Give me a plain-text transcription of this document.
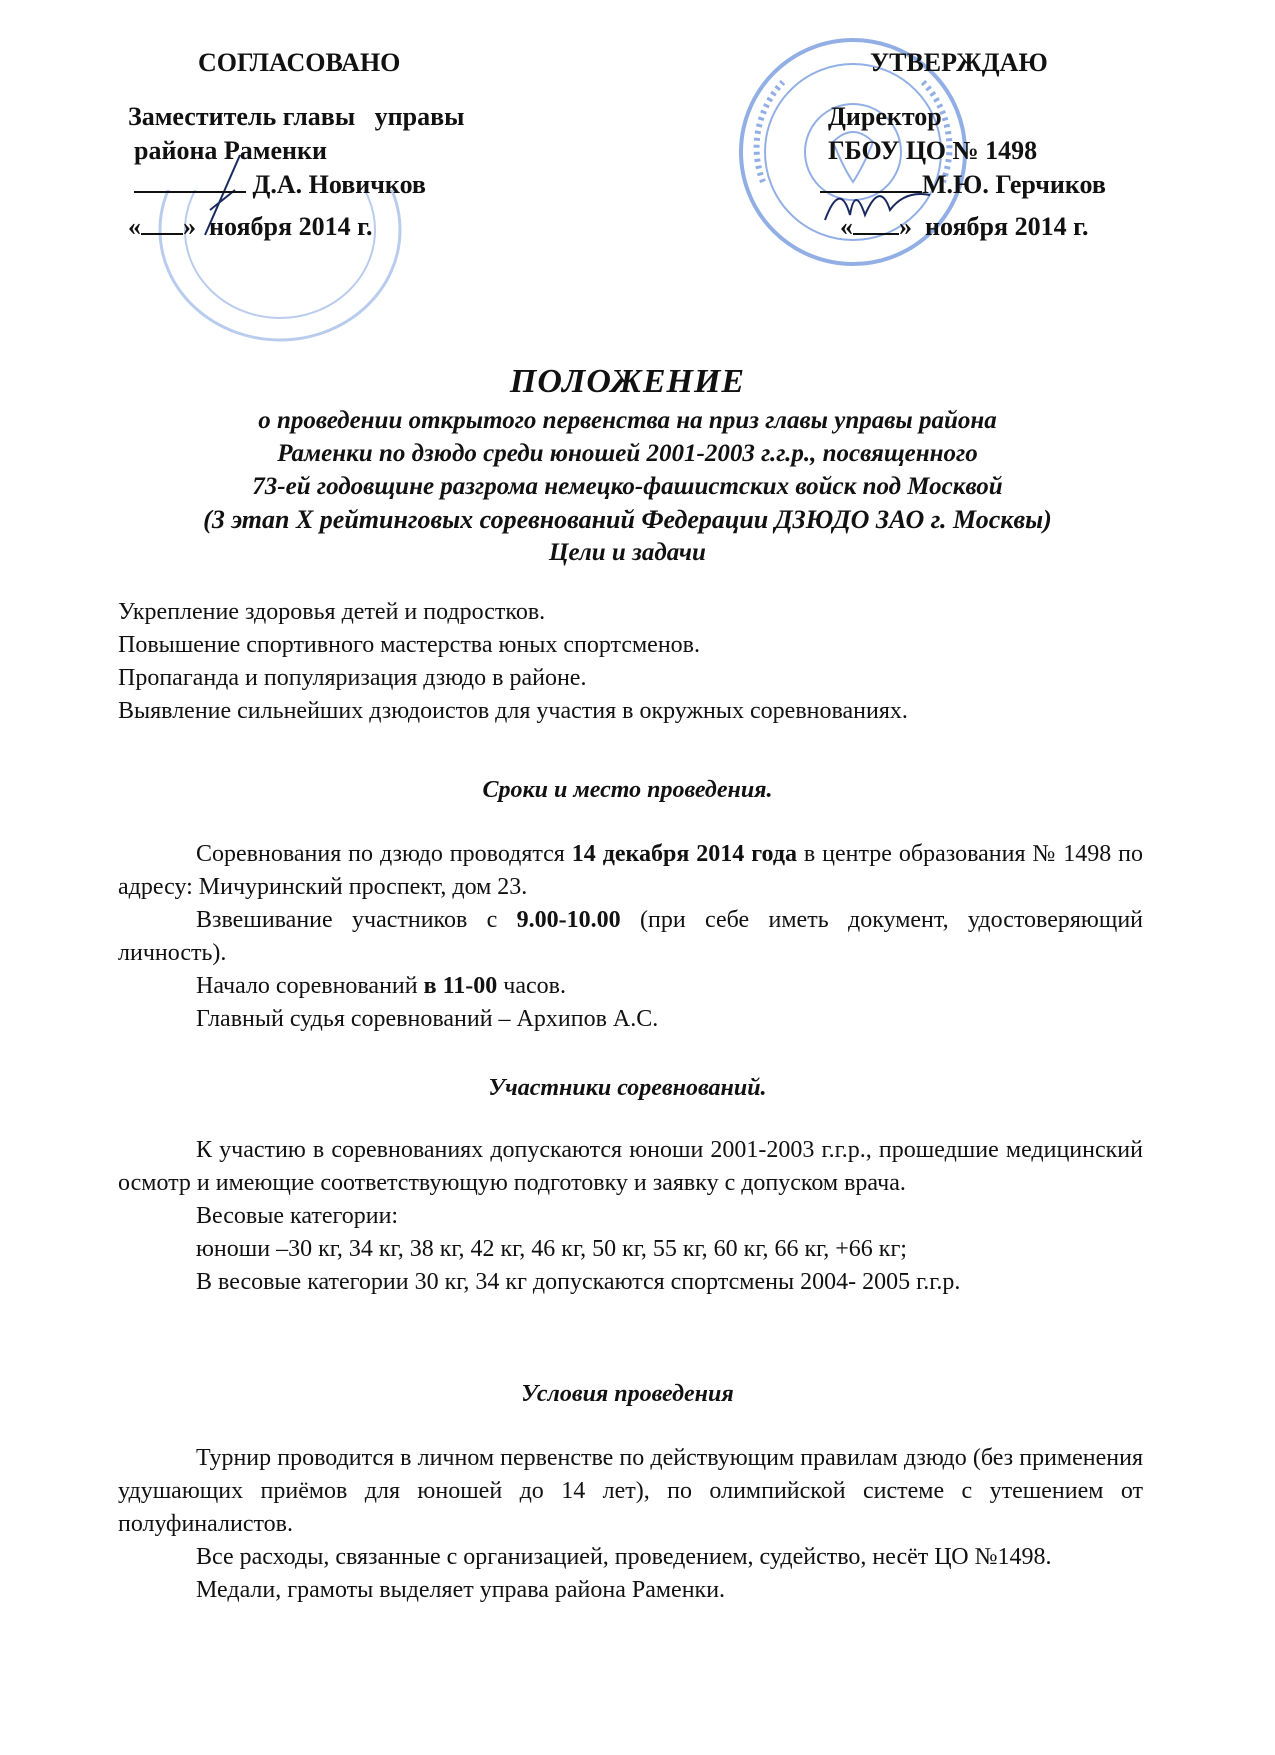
СОГЛАСОВАНО
Заместитель главы   управы
района Раменки
Д.А. Новичков
« »  ноября 2014 г.
УТВЕРЖДАЮ
Директор
ГБОУ ЦО № 1498
М.Ю. Герчиков
« »  ноября 2014 г.
ПОЛОЖЕНИЕ
о проведении открытого первенства на приз главы управы района
Раменки по дзюдо среди юношей 2001-2003 г.г.р., посвященного
73-ей годовщине разгрома немецко-фашистских войск под Москвой
(3 этап Х рейтинговых соревнований Федерации ДЗЮДО ЗАО г. Москвы)
Цели и задачи

Укрепление здоровья детей и подростков.

Повышение спортивного мастерства юных спортсменов.

Пропаганда и популяризация дзюдо в районе.

Выявление сильнейших дзюдоистов для участия в окружных соревнованиях.

Сроки и место проведения.

Соревнования по дзюдо проводятся 14 декабря 2014 года в центре образования № 1498 по адресу: Мичуринский проспект, дом 23.

Взвешивание участников с 9.00-10.00 (при себе иметь документ, удостоверяющий личность).

Начало соревнований в 11-00 часов.

Главный судья соревнований – Архипов А.С.

Участники соревнований.

К участию в соревнованиях допускаются юноши 2001-2003 г.г.р., прошедшие медицинский осмотр и имеющие соответствующую подготовку и заявку с допуском врача.

Весовые категории:

юноши –30 кг, 34 кг, 38 кг, 42 кг, 46 кг, 50 кг, 55 кг, 60 кг, 66 кг, +66 кг;

В весовые категории 30 кг, 34 кг допускаются спортсмены 2004- 2005 г.г.р.

Условия проведения

Турнир проводится в личном первенстве по действующим правилам дзюдо (без применения удушающих приёмов для юношей до 14 лет), по олимпийской системе с утешением от полуфиналистов.

Все расходы, связанные с организацией, проведением, судейство, несёт ЦО №1498.

Медали, грамоты выделяет управа района Раменки.
